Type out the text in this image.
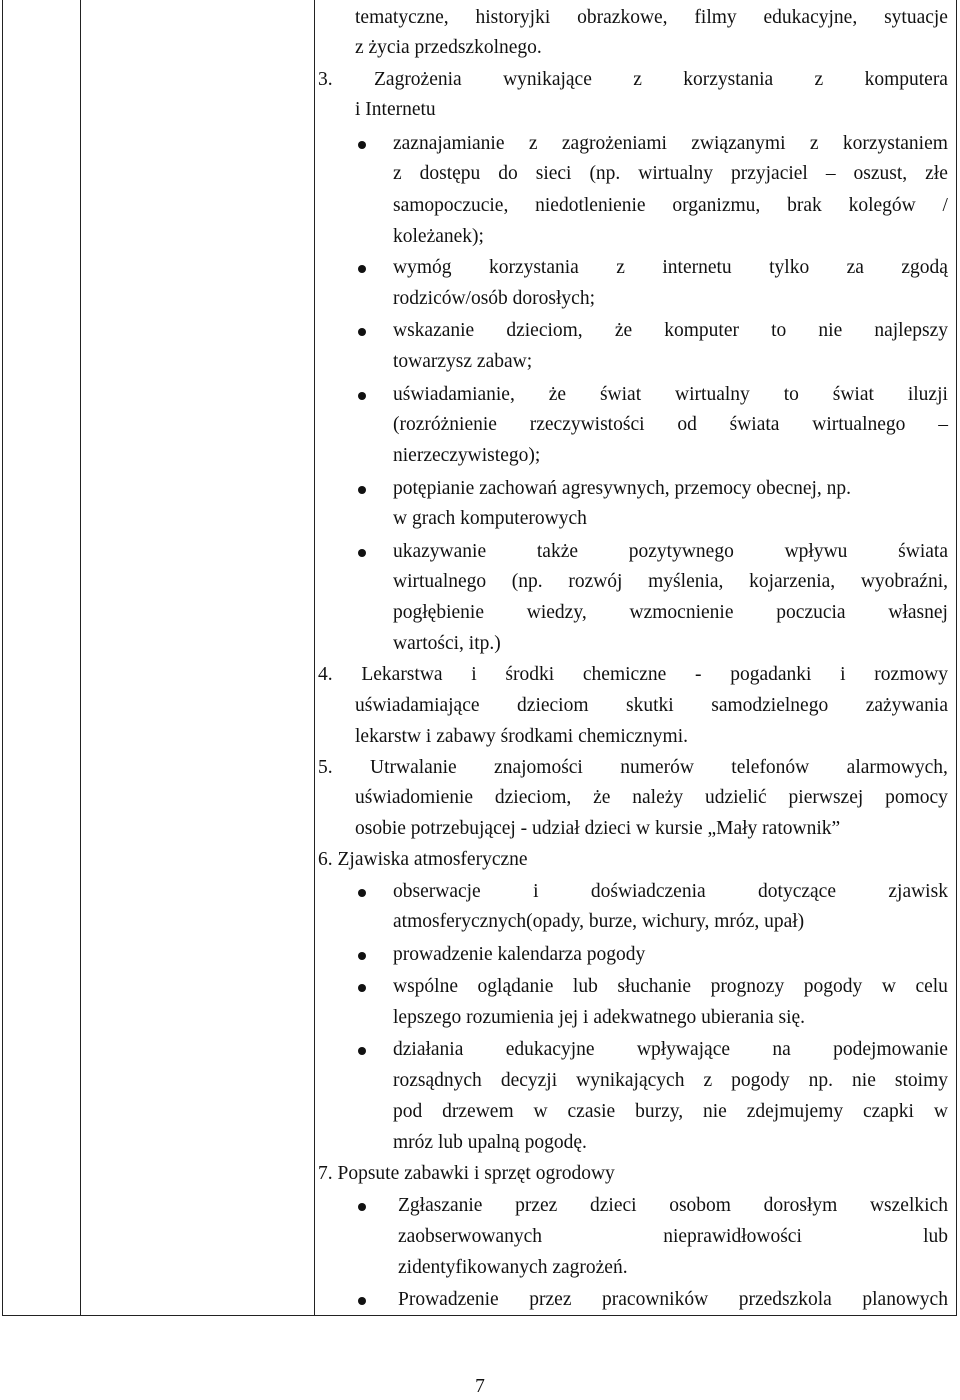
tematyczne, historyjki obrazkowe, filmy edukacyjne, sytuacje
z życia przedszkolnego.
3. Zagrożenia wynikające z korzystania z komputera
i Internetu
zaznajamianie z zagrożeniami związanymi z korzystaniem
z dostępu do sieci (np. wirtualny przyjaciel – oszust, złe
samopoczucie, niedotlenienie organizmu, brak kolegów /
koleżanek);
wymóg korzystania z internetu tylko za zgodą
rodziców/osób dorosłych;
wskazanie dzieciom, że komputer to nie najlepszy
towarzysz zabaw;
uświadamianie, że świat wirtualny to świat iluzji
(rozróżnienie rzeczywistości od świata wirtualnego –
nierzeczywistego);
potępianie zachowań agresywnych, przemocy obecnej, np.
w grach komputerowych
ukazywanie	także	pozytywnego	wpływu	świata
wirtualnego (np. rozwój myślenia, kojarzenia, wyobraźni,
pogłębienie wiedzy, wzmocnienie poczucia własnej
wartości, itp.)
4. Lekarstwa i środki chemiczne - pogadanki i rozmowy
uświadamiające dzieciom skutki samodzielnego zażywania
lekarstw i zabawy środkami chemicznymi.
5. Utrwalanie znajomości numerów telefonów alarmowych,
uświadomienie dzieciom, że należy udzielić pierwszej pomocy
osobie potrzebującej - udział dzieci w kursie „Mały ratownik”
6. Zjawiska atmosferyczne
obserwacje	i	doświadczenia	dotyczące	zjawisk
atmosferycznych(opady, burze, wichury, mróz, upał)
prowadzenie kalendarza pogody
wspólne oglądanie lub słuchanie prognozy pogody w celu
lepszego rozumienia jej i adekwatnego ubierania się.
działania edukacyjne wpływające na podejmowanie
rozsądnych decyzji wynikających z pogody np. nie stoimy
pod drzewem w czasie burzy, nie zdejmujemy czapki w
mróz lub upalną pogodę.
7. Popsute zabawki i sprzęt ogrodowy
Zgłaszanie przez dzieci osobom dorosłym wszelkich
zaobserwowanych	nieprawidłowości	lub
zidentyfikowanych zagrożeń.
Prowadzenie przez pracowników przedszkola planowych
7
